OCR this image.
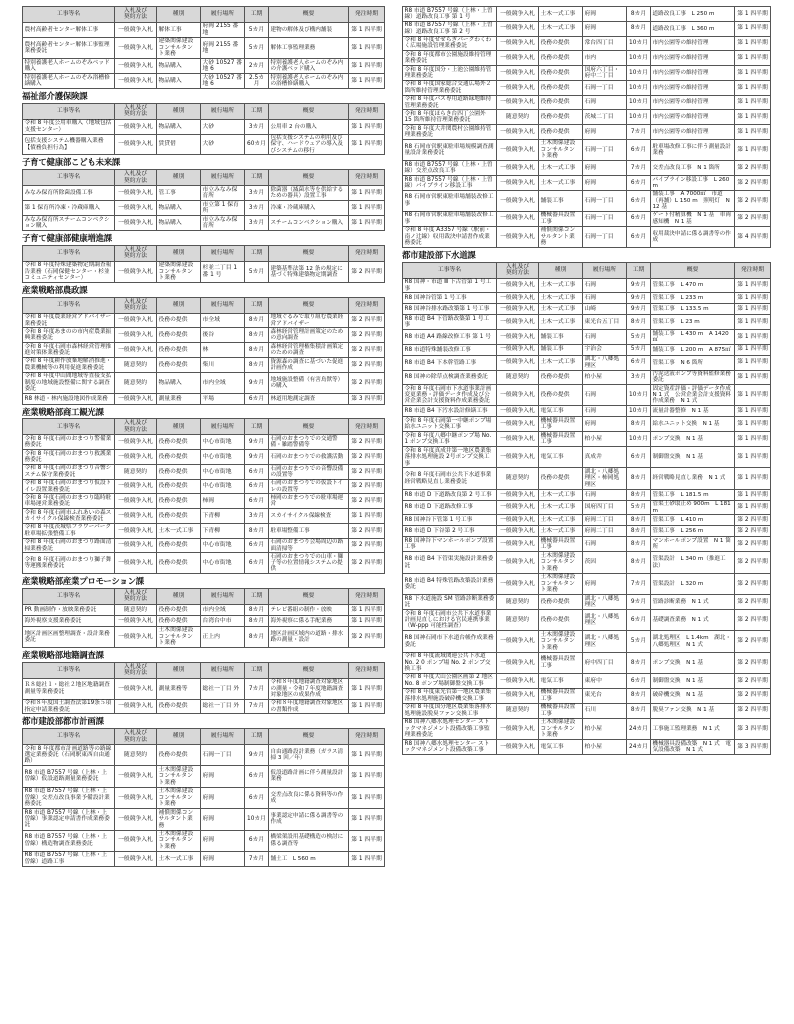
工事等名	入札及び
契約方法	種別	履行場所	工期	概要	発注時期
農村高齢者センター解体工事	一般競争入札	解体工事	府岡 2155 番地	5カ月	建物の解体及び構内舗装	第 1 四半期
農村高齢者センター解体工事監理業務委託	一般競争入札	建築関係建設コンサルタント業務	府岡 2155 番地	5カ月	解体工事監理業務	第 1 四半期
特別養護老人ホームのぞみベッド購入	一般競争入札	物品購入	大砂 10527 番地 6	2カ月	特別養護老人ホームのぞみ内の介護ベッド購入	第 1 四半期
特別養護老人ホームのぞみ浴槽修繕購入	一般競争入札	物品購入	大砂 10527 番地 6	2.5カ月	特別養護老人ホームのぞみ内の浴槽修繕購入	第 1 四半期
福祉部介護保険課
工事等名	入札及び
契約方法	種別	履行場所	工期	概要	発注時期
令和 8 年度公用車購入（地域包括支援センター）	一般競争入札	物品購入	大砂	3カ月	公用車 2 台の購入	第 1 四半期
包括支援システム機器購入業務【債務負担行為】	一般競争入札	賃貸借	大砂	60カ月	包括支援システムの利用及び保守、ハードウェアの導入及びシステムの移行	第 1 四半期
子育て健康部こども未来課
工事等名	入札及び
契約方法	種別	履行場所	工期	概要	発注時期
みなみ保育所除菌設備工事	一般競争入札	管工事	市立みなみ保育所	3カ月	除菌器（滅菌水等を供給するための器具）設置工事	第 1 四半期
第 1 保育所冷凍・冷蔵庫購入	一般競争入札	物品購入	市立第 1 保育所	3カ月	冷凍・冷蔵庫購入	第 1 四半期
みなみ保育所スチームコンベクション購入	一般競争入札	物品購入	市立みなみ保育所	3カ月	スチームコンベクション購入	第 1 四半期
子育て健康部健康増進課
工事等名	入札及び
契約方法	種別	履行場所	工期	概要	発注時期
令和 8 年度特殊建築物定期調査報告業務（石岡保健センター・杉並コミュニティセンター）	一般競争入札	建築関係建設コンサルタント業務	杉並二丁目 1 番 1 号	5カ月	建築基準法第 12 条の規定に基づく特殊建築物定期調査	第 2 四半期
産業戦略部農政課
工事等名	入札及び
契約方法	種別	履行場所	工期	概要	発注時期
令和 8 年度農業経営アドバイザー業務委託	一般競争入札	役務の提供	市全域	8カ月	地域ぐるみで取り組む農業経営アドバイザー	第 2 四半期
令和 8 年度あまのの市内産農業振興業務委託	一般競争入札	役務の提供	後谷	8カ月	森林経営管理計画策定のための意向調査	第 2 四半期
令和 8 年度石岡市森林経営管理推進対策体業務委託	一般競争入札	役務の提供	林	8カ月	森林経営管理権集積計画策定のための調査	第 2 四半期
令和 8 年度耕作放棄地解消推進・農業機械等の利用促進業務委託	随意契約	役務の提供	柴川	8カ月	資源森の調査に基づいた促進計画作成	第 2 四半期
令和 8 年度中山間地域等直接支払制度の地域施設整備に関する調査委託	随意契約	物品購入	市内全域	9カ月	地域施設整備（有害鳥獣等）の購入	第 2 四半期
R8 林道・林内施設地図作成業務	一般競争入札	測量業務	平場	6カ月	林道用地測定調査	第 3 四半期
産業戦略部商工観光課
工事等名	入札及び
契約方法	種別	履行場所	工期	概要	発注時期
令和 8 年度石岡のおまつり警備業務委託	一般競争入札	役務の提供	中心市街地	9カ月	石岡のおまつりでの交通警備・雑踏警備等	第 2 四半期
令和 8 年度石岡のおまつり救護業務委託	一般競争入札	役務の提供	中心市街地	9カ月	石岡のおまつりでの救護活動	第 2 四半期
令和 8 年度石岡のおまつり音響システム保守業務委託	随意契約	役務の提供	中心市街地	6カ月	石岡のおまつりでの音響設備の設置等	第 2 四半期
令和 8 年度石岡のおまつり仮設トイレ設置業務委託	一般競争入札	役務の提供	中心市街地	6カ月	石岡のおまつりでの仮設トイレの設置等	第 2 四半期
令和 8 年度石岡のおまつり臨時駐車場運営業務委託	一般競争入札	役務の提供	柿岡	6カ月	柿岡のおまつりでの駐車場運営	第 2 四半期
令和 8 年度石岡市ふれあいの森スカイサイクル保線検査業務委託	一般競争入札	役務の提供	下青柳	3カ月	スカイサイクル保線検査	第 1 四半期
令和 8 年度茨城県フラワーパーク駐車場拡張整備工事	一般競争入札	土木一式工事	下青柳	8カ月	駐車場整備工事	第 2 四半期
令和 8 年度石岡のおまつり路面清掃業務委託	一般競争入札	役務の提供	中心市街地	6カ月	石岡のおまつり会場周辺の路面清掃等	第 2 四半期
令和 8 年度石岡のおまつり獅子舞等運搬業務委託	一般競争入札	役務の提供	中心市街地	6カ月	石岡のおまつりでの山車・獅子等の位置情報システムの提供	第 2 四半期
産業戦略部産業プロモーション課
工事等名	入札及び
契約方法	種別	履行場所	工期	概要	発注時期
PR 動画制作・放映業務委託	随意契約	役務の提供	市内全域	8カ月	テレビ番組の制作・放映	第 1 四半期
海外視察支援業務委託	一般競争入札	役務の提供	台湾台中市	8カ月	海外視察に係る手配業務	第 1 四半期
地区計画区画整理調査・設計業務委託	一般競争入札	土木関係建設コンサルタント業務	正上内	8カ月	地区計画区域内の道路・排水路の測量・設計	第 2 四半期
産業戦略部地籍調査課
工事等名	入札及び
契約方法	種別	履行場所	工期	概要	発注時期
Ｒ８総社１・総社２地区地籍調査測量等業務委託	一般競争入札	測量業務等	総社一丁目 外	7カ月	令和８年度地籍調査対象地区の測量・令和７年度地籍調査対象地区の成果作成	第 1 四半期
令和８年度国土調査法第19条５項指定申請業務委託	一般競争入札	役務の提供	総社一丁目 外	7カ月	令和８年度地籍調査対象地区の書類作成	第 1 四半期
都市建設部都市計画課
工事等名	入札及び
契約方法	種別	履行場所	工期	概要	発注時期
令和 8 年度都市計画道路等の路線選定業務委託（石岡駅東西自由通路）	随意契約	役務の提供	石岡一丁目	9カ月	自由通路設計業務（ガラス清掃 3 回／年）	第 1 四半期
R8 市道 B7557 号線（上林・上曽線）仮設道路測量業務委託	一般競争入札	土木関係建設コンサルタント業務	府岡	6カ月	仮設道路計画に伴う測量設計業務	第 1 四半期
R8 市道 B7557 号線（上林・上曽線）交差点改良事業予備設計業務委託	一般競争入札	土木関係建設コンサルタント業務	府岡	6カ月	交差点改良に係る資料等の作成	第 1 四半期
R8 市道 B7557 号線（上林・上曽線）事業認定申請書作成業務委託	一般競争入札	補償関係コンサルタント業務	府岡	10カ月	事業認定申請に係る調書等の作成	第 1 四半期
R8 市道 B7557 号線（上林・上曽線）構造物調査業務委託	一般競争入札	土木関係建設コンサルタント業務	府岡	6カ月	橋梁架設用基礎構造の検討に係る調査等	第 1 四半期
R8 市道 B7557 号線（上林・上曽線）道路工事	一般競争入札	土木一式工事	府岡	7カ月	舗土工　L 560 m	第 1 四半期
R8 市道 B7557 号線（上林・上曽線）道路改良工事 第 1 号	一般競争入札	土木一式工事	府岡	8カ月	道路改良工事　L 250 m	第 1 四半期
R8 市道 B7557 号線（上林・上曽線）道路改良工事 第 2 号	一般競争入札	土木一式工事	府岡	8カ月	道路改良工事　L 360 m	第 1 四半期
令和 8 年度せせらぎパークわくわく広場施設管理業務委託	一般競争入札	役務の提供	常台四丁目	10カ月	市内公園等の維持管理	第 1 四半期
令和 8 年度都市公園施設維持管理業務委託	一般競争入札	役務の提供	市内	10カ月	市内公園等の維持管理	第 1 四半期
令和 8 年度国分・上池公園維持管理業務委託	一般競争入札	役務の提供	国府六丁目・府中二丁目	10カ月	市内公園等の維持管理	第 1 四半期
令和 8 年度国家総合交通広場外２箇所維持管理業務委託	一般競争入札	役務の提供	石岡一丁目	10カ月	市内公園等の維持管理	第 1 四半期
令和 8 年度バス専用道路緑地維持管理業務委託	一般競争入札	役務の提供	石岡	10カ月	市内公園等の維持管理	第 1 四半期
令和 8 年度ほらき台四丁公園外 15 箇所維持管理業務委託	随意契約	役務の提供	茨城二丁目	10カ月	市内公園等の維持管理	第 1 四半期
令和 8 年度大井関農村公園維持管理業務委託	一般競争入札	役務の提供	府岡	7カ月	市内公園等の維持管理	第 1 四半期
R8 石岡市営駅東駐車場規模調査測量設計業務委託	一般競争入札	土木関係建設コンサルタント業務	石岡一丁目	6カ月	駐車場改修工事に伴う測量設計業務	第 1 四半期
R8 市道 B7557 号線（上林・上曽線）交差点改良工事	一般競争入札	土木一式工事	府岡	7カ月	交差点改良工事　N 1 箇所	第 2 四半期
R8 市道 B7557 号線（上林・上曽線）パイプライン移設工事	一般競争入札	土木一式工事	府岡	6カ月	パイプライン移設工事　L 260 m	第 2 四半期
R8 石岡市営駅東駐車場舗装改修工事	一般競争入札	舗装工事	石岡一丁目	6カ月	舗装工事　A 7000㎡　市道（再舗）L 150 m　照明灯　N 12 基	第 2 四半期
R8 石岡市営駅東駐車場舗装改修工事	一般競争入札	機械器具設置工事	石岡一丁目	6カ月	ゲート付精算機　N 1 基　車両感知機　N 1 基	第 2 四半期
令和 8 年度 A3357 号線（駅前・南ノ辻線）収用裁決申請書作成業務委託	一般競争入札	補償関係コンサルタント業務	石岡一丁目	6カ月	収用裁決申請に係る調書等の作成	第 4 四半期
都市建設部下水道課
工事等名	入札及び
契約方法	種別	履行場所	工期	概要	発注時期
R8 国神・市道 Ⅲ 下古管第 1 号工事	一般競争入札	土木一式工事	石岡	9カ月	管渠工事　L 470 m	第 1 四半期
R8 国神谷管第 1 号工事	一般競争入札	土木一式工事	石岡	9カ月	管渠工事　L 233 m	第 1 四半期
R8 国神谷排水路改築第 1 号工事	一般競争入札	土木一式工事	山崎	9カ月	管渠工事　L 133.5 m	第 1 四半期
R8 市道 B4 下管路改築第 1 号工事	一般競争入札	土木一式工事	東光台五丁目	8カ月	管渠工事　L 23 m	第 1 四半期
R8 市道 A4 路線改修工事 第 1 号	一般競争入札	舗装工事	石岡	5カ月	舗装工事　L 430 m　A 1420㎡	第 1 四半期
R8 市道特殊舗装改修工事	一般競争入札	舗装工事	宇治会	5カ月	舗装工事　L 200 m　A 875㎡	第 1 四半期
R8 市道 B4 下本幹管路工事	一般競争入札	土木一式工事	湖北・八郷処理区	6カ月	管渠工事　N 6 箇所	第 1 四半期
R8 国神の除草点検調査業務委託	随意契約	役務の提供	柏小屋	3カ月	汚泥送液ポンプ等資料監修業務委託	第 1 四半期
令和 8 年度石岡市下水道事業計画変更業務・評価データ作成及び公営企業会計支援資料作成業務委託	一般競争入札	役務の提供	石岡	10カ月	固定資産評価・評価データ作成　N 1 式　公営企業会計支援資料作成業務　N 1 式	第 1 四半期
R8 市道 B4 下汚水設計修繕工事	一般競争入札	電気工事	石岡	10カ月	流量計器整修　N 1 基	第 1 四半期
令和 8 年度石岡第一中継ポンプ場給水ユニット交換工事	一般競争入札	機械器具設置工事	府岡	8カ月	給水ユニット交換　N 1 基	第 1 四半期
令和 8 年度八郷中継ポンプ場 No. 1 ポンプ交換工事	一般競争入札	機械器具設置工事	柏小屋	10カ月	ポンプ交換　N 1 基	第 1 四半期
令和 8 年度真成井第一地区農業集落排水処理施設 2号ポンプ交換工事	一般競争入札	電気工事	真成井	6カ月	制御盤交換　N 1 基	第 1 四半期
令和 8 年度石岡市公共下水道事業経営戦略見直し業務委託	随意契約	役務の提供	湖北・八郷処理区・柿岡処理区	8カ月	経営戦略見直し業務　N 1 式	第 1 四半期
R8 市道 D 下道路改良第 2 号工事	一般競争入札	土木一式工事	石岡	8カ月	管渠工事　L 181.5 m	第 1 四半期
R8 市道 D 下道路改修工事	一般競争入札	土木一式工事	国府四丁目	5カ月	管渠土砂取止め 900m　L 181 m	第 1 四半期
R8 国神谷下管第 1 号工事	一般競争入札	土木一式工事	府岡二丁目	8カ月	管渠工事　L 410 m	第 2 四半期
R8 市道 D 下谷第 2 号工事	一般競争入札	土木一式工事	府岡二丁目	8カ月	管渠工事　L 256 m	第 2 四半期
R8 国神谷下マンホールポンプ設置工事	一般競争入札	機械器具設置工事	石岡	8カ月	マンホールポンプ設置　N 1 箇所	第 2 四半期
R8 市道 B4 下管渠実施設計業務委託	一般競争入札	土木関係建設コンサルタント業務	茨因	8カ月	管渠設計　L 340 m（推進工法）	第 2 四半期
R8 市道 B4 特殊管路改築設計業務委託	一般競争入札	土木関係建設コンサルタント業務	府岡	7カ月	管渠設計　L 320 m	第 2 四半期
R8 下水道施設 SM 管路診断業務委託	随意契約	役務の提供	湖北・八郷処理区	9カ月	管路診断業務　N 1 式	第 2 四半期
令和 8 年度石岡市公共下水道事業計画見直しにおける官民連携事業（W-ppp 可能性調査）	随意契約	役務の提供	湖北・八郷処理区	6カ月	基礎調査業務　N 1 式	第 2 四半期
R8 国神石岡市下水道台帳作成業務委託	一般競争入札	土木関係建設コンサルタント業務	湖北・八郷処理区	5カ月	湖北処理区　L 1.4km　湖北・八郷処理区　N 1 式	第 2 四半期
令和 8 年度流域関連公共下水道 No. 2 0 ポンプ場 No. 2 ポンプ交換工事	一般競争入札	機械器具設置工事	府中四丁目	8カ月	ポンプ交換　N 1 基	第 2 四半期
令和 8 年度大山公園区画第 2 地区 No. 8 ポンプ場制御盤交換工事	一般競争入札	電気工事	東府中	6カ月	制御盤交換　N 1 基	第 2 四半期
令和 8 年度東光台第一地区農業集落排水処理施設破砕機交換工事	一般競争入札	機械器具設置工事	東光台	8カ月	破砕機交換　N 1 基	第 2 四半期
令和 8 年度国分地区農業集落排水処理施設脱臭ファン交換工事	随意契約	機械器具設置工事	石川	8カ月	脱臭ファン交換　N 1 基	第 2 四半期
R8 国神八郷水処理センター ストックマネジメント設備改築工事監理業務委託	一般競争入札	土木関係建設コンサルタント業務	柏小屋	24カ月	工事施工監理業務　N 1 式	第 3 四半期
R8 国神八郷水処理センター ストックマネジメント設備改築工事	一般競争入札	電気工事	柏小屋	24カ月	機械器具設備改築　N 1 式　電気設備改築　N 1 式	第 3 四半期
